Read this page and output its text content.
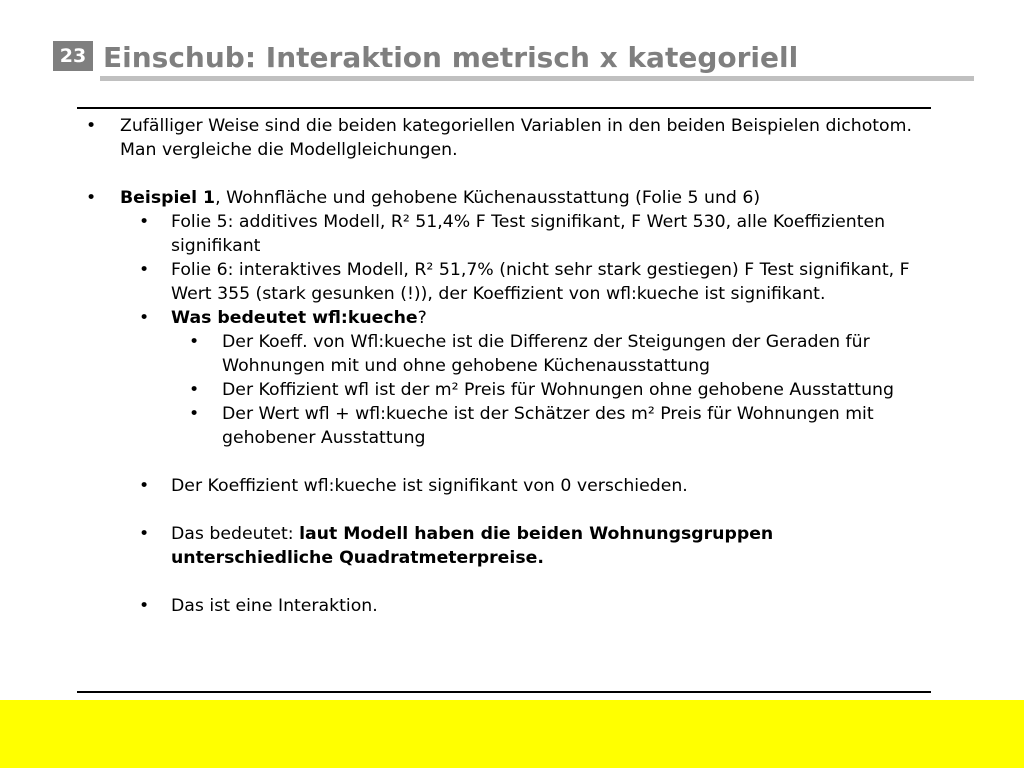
23 Einschub: Interaktion metrisch x kategoriell
• Zufälliger Weise sind die beiden kategoriellen Variablen in den beiden Beispielen dichotom. Man vergleiche die Modellgleichungen.
• Beispiel 1, Wohnfläche und gehobene Küchenausstattung (Folie 5 und 6)
• Folie 5: additives Modell, R² 51,4% F Test signifikant, F Wert 530, alle Koeffizienten signifikant
• Folie 6: interaktives Modell, R² 51,7% (nicht sehr stark gestiegen) F Test signifikant, F Wert 355 (stark gesunken (!)), der Koeffizient von wfl:kueche ist signifikant.
• Was bedeutet wfl:kueche?
• Der Koeff. von Wfl:kueche ist die Differenz der Steigungen der Geraden für Wohnungen mit und ohne gehobene Küchenausstattung
• Der Koffizient wfl ist der m² Preis für Wohnungen ohne gehobene Ausstattung
• Der Wert wfl + wfl:kueche ist der Schätzer des m² Preis für Wohnungen mit gehobener Ausstattung
• Der Koeffizient wfl:kueche ist signifikant von 0 verschieden.
• Das bedeutet: laut Modell haben die beiden Wohnungsgruppen unterschiedliche Quadratmeterpreise.
• Das ist eine Interaktion.
